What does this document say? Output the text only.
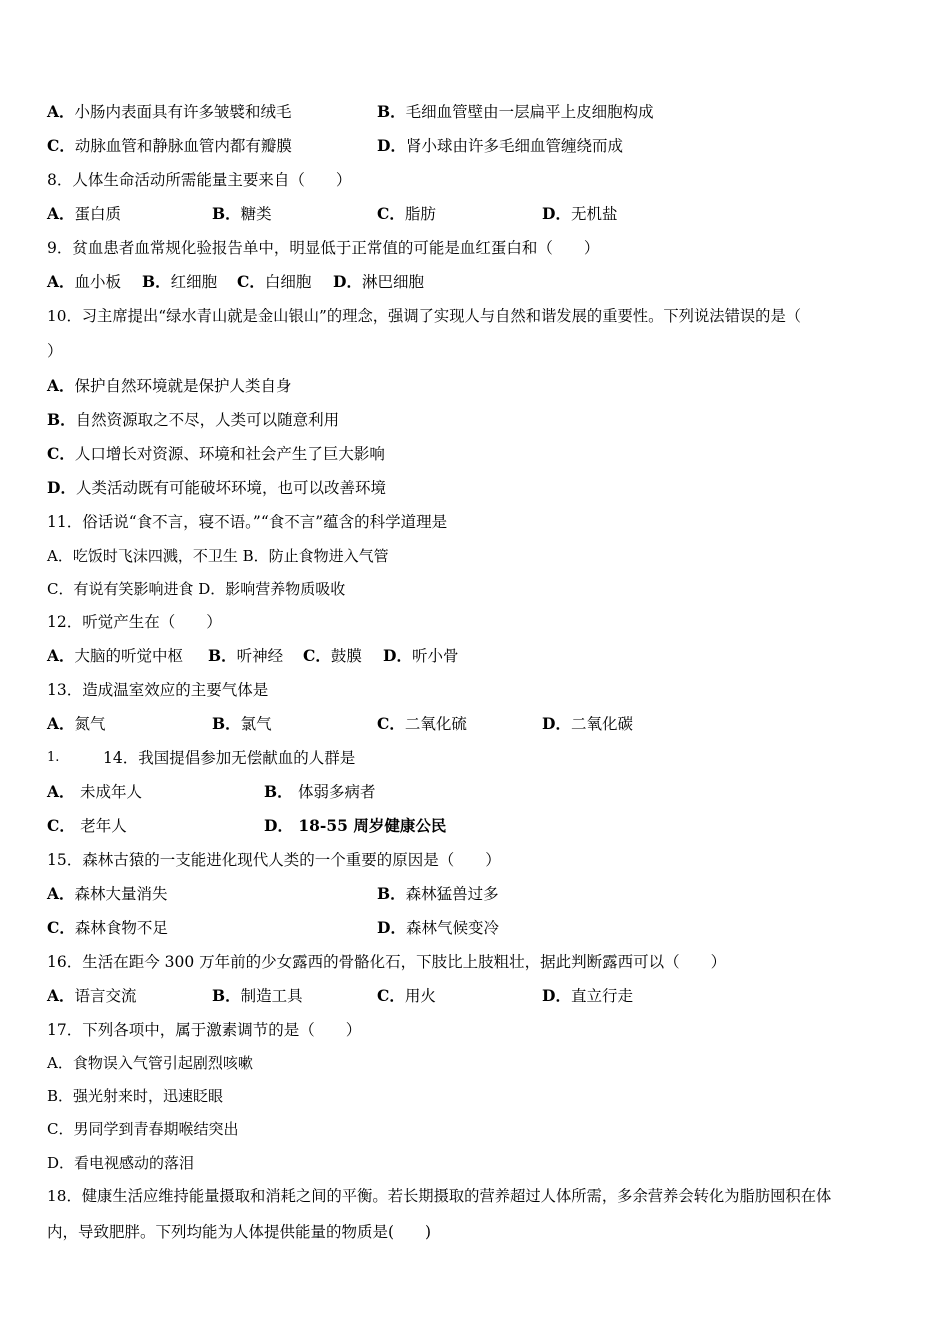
A．小肠内表面具有许多皱襞和绒毛	B．毛细血管壁由一层扁平上皮细胞构成
C．动脉血管和静脉血管内都有瓣膜	D．肾小球由许多毛细血管缠绕而成
8．人体生命活动所需能量主要来自（　　）
A．蛋白质	B．糖类	C．脂肪	D．无机盐
9．贫血患者血常规化验报告单中，明显低于正常值的可能是血红蛋白和（　　）
A．血小板 B．红细胞 C．白细胞 D．淋巴细胞
10．习主席提出“绿水青山就是金山银山”的理念，强调了实现人与自然和谐发展的重要性。下列说法错误的是（
）
A．保护自然环境就是保护人类自身
B．自然资源取之不尽，人类可以随意利用
C．人口增长对资源、环境和社会产生了巨大影响
D．人类活动既有可能破坏环境，也可以改善环境
11．俗话说“食不言，寝不语。”“食不言”蕴含的科学道理是
A．吃饭时飞沫四溅，不卫生 B．防止食物进入气管
C．有说有笑影响进食 D．影响营养物质吸收
12．听觉产生在（　　）
A．大脑的听觉中枢 B．听神经 C．鼓膜 D．听小骨
13．造成温室效应的主要气体是
A．氮气	B．氯气	C．二氧化硫	D．二氧化碳
1.	14．我国提倡参加无偿献血的人群是
A． 未成年人	B． 体弱多病者
C． 老年人	D． 18-55 周岁健康公民
15．森林古猿的一支能进化现代人类的一个重要的原因是（　　）
A．森林大量消失	B．森林猛兽过多
C．森林食物不足	D．森林气候变冷
16．生活在距今 300 万年前的少女露西的骨骼化石，下肢比上肢粗壮，据此判断露西可以（　　）
A．语言交流	B．制造工具	C．用火	D．直立行走
17．下列各项中，属于激素调节的是（　　）
A．食物误入气管引起剧烈咳嗽
B．强光射来时，迅速眨眼
C．男同学到青春期喉结突出
D．看电视感动的落泪
18．健康生活应维持能量摄取和消耗之间的平衡。若长期摄取的营养超过人体所需，多余营养会转化为脂肪囤积在体
内，导致肥胖。下列均能为人体提供能量的物质是(　　)
